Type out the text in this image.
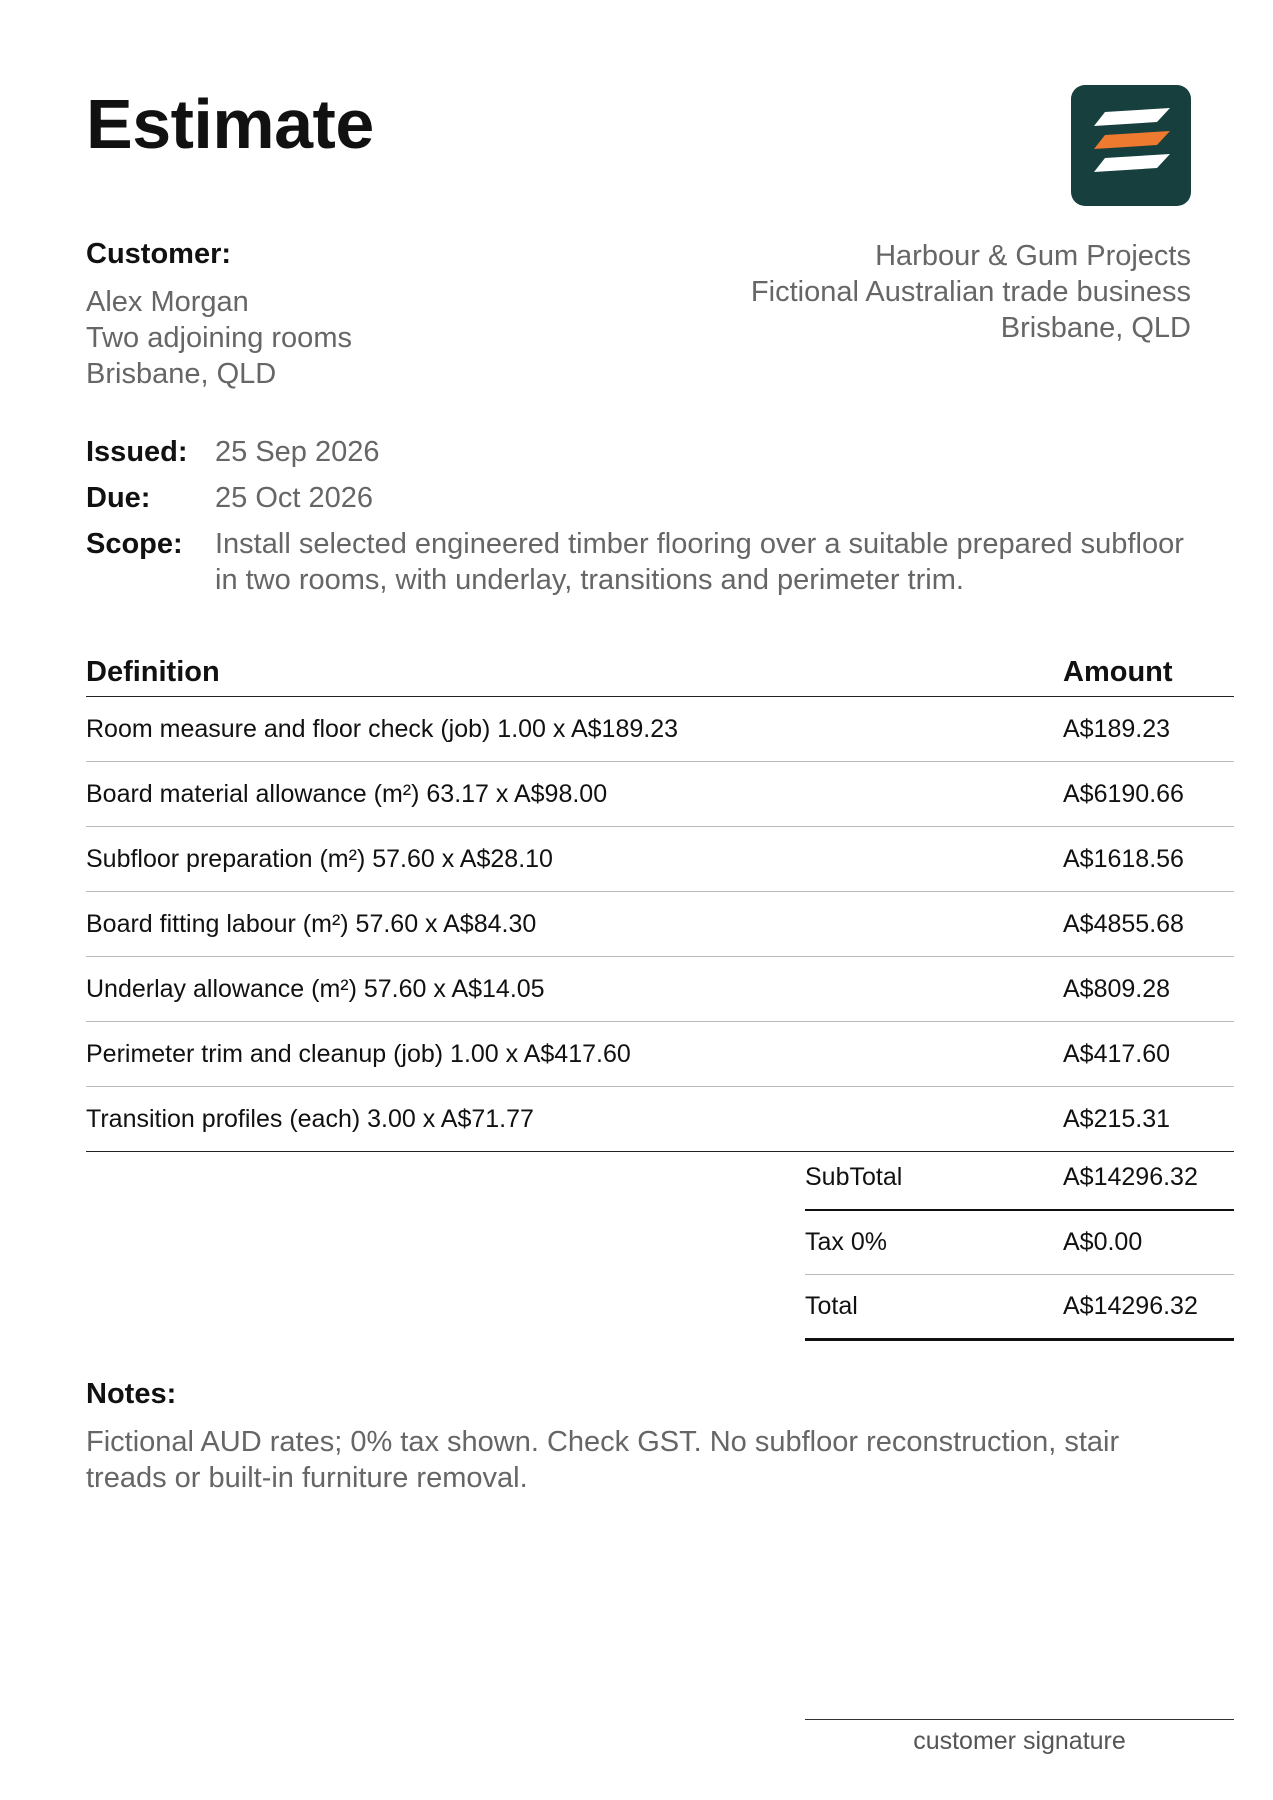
Estimate
Customer:
Alex Morgan
Two adjoining rooms
Brisbane, QLD
Harbour & Gum Projects
Fictional Australian trade business
Brisbane, QLD
Issued: 25 Sep 2026
Due:	25 Oct 2026
Scope:	Install selected engineered timber flooring over a suitable prepared subfloor in two rooms, with underlay, transitions and perimeter trim.
Definition	Amount
Room measure and floor check (job) 1.00 x A$189.23	A$189.23
Board material allowance (m²) 63.17 x A$98.00	A$6190.66
Subfloor preparation (m²) 57.60 x A$28.10	A$1618.56
Board fitting labour (m²) 57.60 x A$84.30	A$4855.68
Underlay allowance (m²) 57.60 x A$14.05	A$809.28
Perimeter trim and cleanup (job) 1.00 x A$417.60	A$417.60
Transition profiles (each) 3.00 x A$71.77	A$215.31
SubTotal	A$14296.32
Tax 0%	A$0.00
Total	A$14296.32
Notes:
Fictional AUD rates; 0% tax shown. Check GST. No subfloor reconstruction, stair treads or built-in furniture removal.
customer signature
